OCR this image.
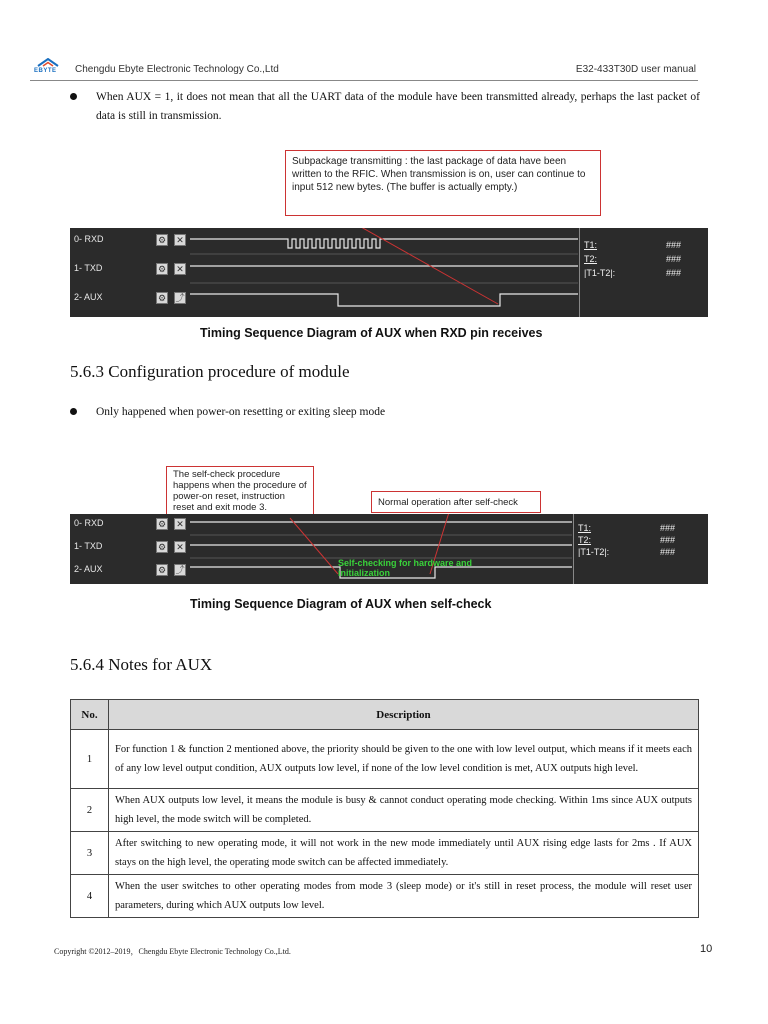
EBYTE Chengdu Ebyte Electronic Technology Co.,Ltd	E32-433T30D user manual
When AUX = 1, it does not mean that all the UART data of the module have been transmitted already, perhaps the last packet of data is still in transmission.
Subpackage transmitting : the last package of data have been written to the RFIC. When transmission is on, user can continue to input 512 new bytes. (The buffer is actually empty.)
0- RXD	⚙ ✕
1- TXD	⚙ ✕
2- AUX	⚙ ⤴
T1:	###
T2:	###
|T1-T2|:	###
Timing Sequence Diagram of AUX when RXD pin receives
5.6.3 Configuration procedure of module
Only happened when power-on resetting or exiting sleep mode
The self-check procedure happens when the procedure of power-on reset, instruction reset and exit mode 3.	Normal operation after self-check
0- RXD	⚙ ✕
1- TXD	⚙ ✕
2- AUX	⚙ ⤴
Self-checking for hardware and initialization
T1:	###
T2:	###
|T1-T2|:	###
Timing Sequence Diagram of AUX when self-check
5.6.4 Notes for AUX
No.	Description
1	For function 1 & function 2 mentioned above, the priority should be given to the one with low level output, which means if it meets each of any low level output condition, AUX outputs low level, if none of the low level condition is met, AUX outputs high level.
2	When AUX outputs low level, it means the module is busy & cannot conduct operating mode checking. Within 1ms since AUX outputs high level, the mode switch will be completed.
3	After switching to new operating mode, it will not work in the new mode immediately until AUX rising edge lasts for 2ms . If AUX stays on the high level, the operating mode switch can be affected immediately.
4	When the user switches to other operating modes from mode 3 (sleep mode) or it's still in reset process, the module will reset user parameters, during which AUX outputs low level.
Copyright ©2012–2019，Chengdu Ebyte Electronic Technology Co.,Ltd.	10
